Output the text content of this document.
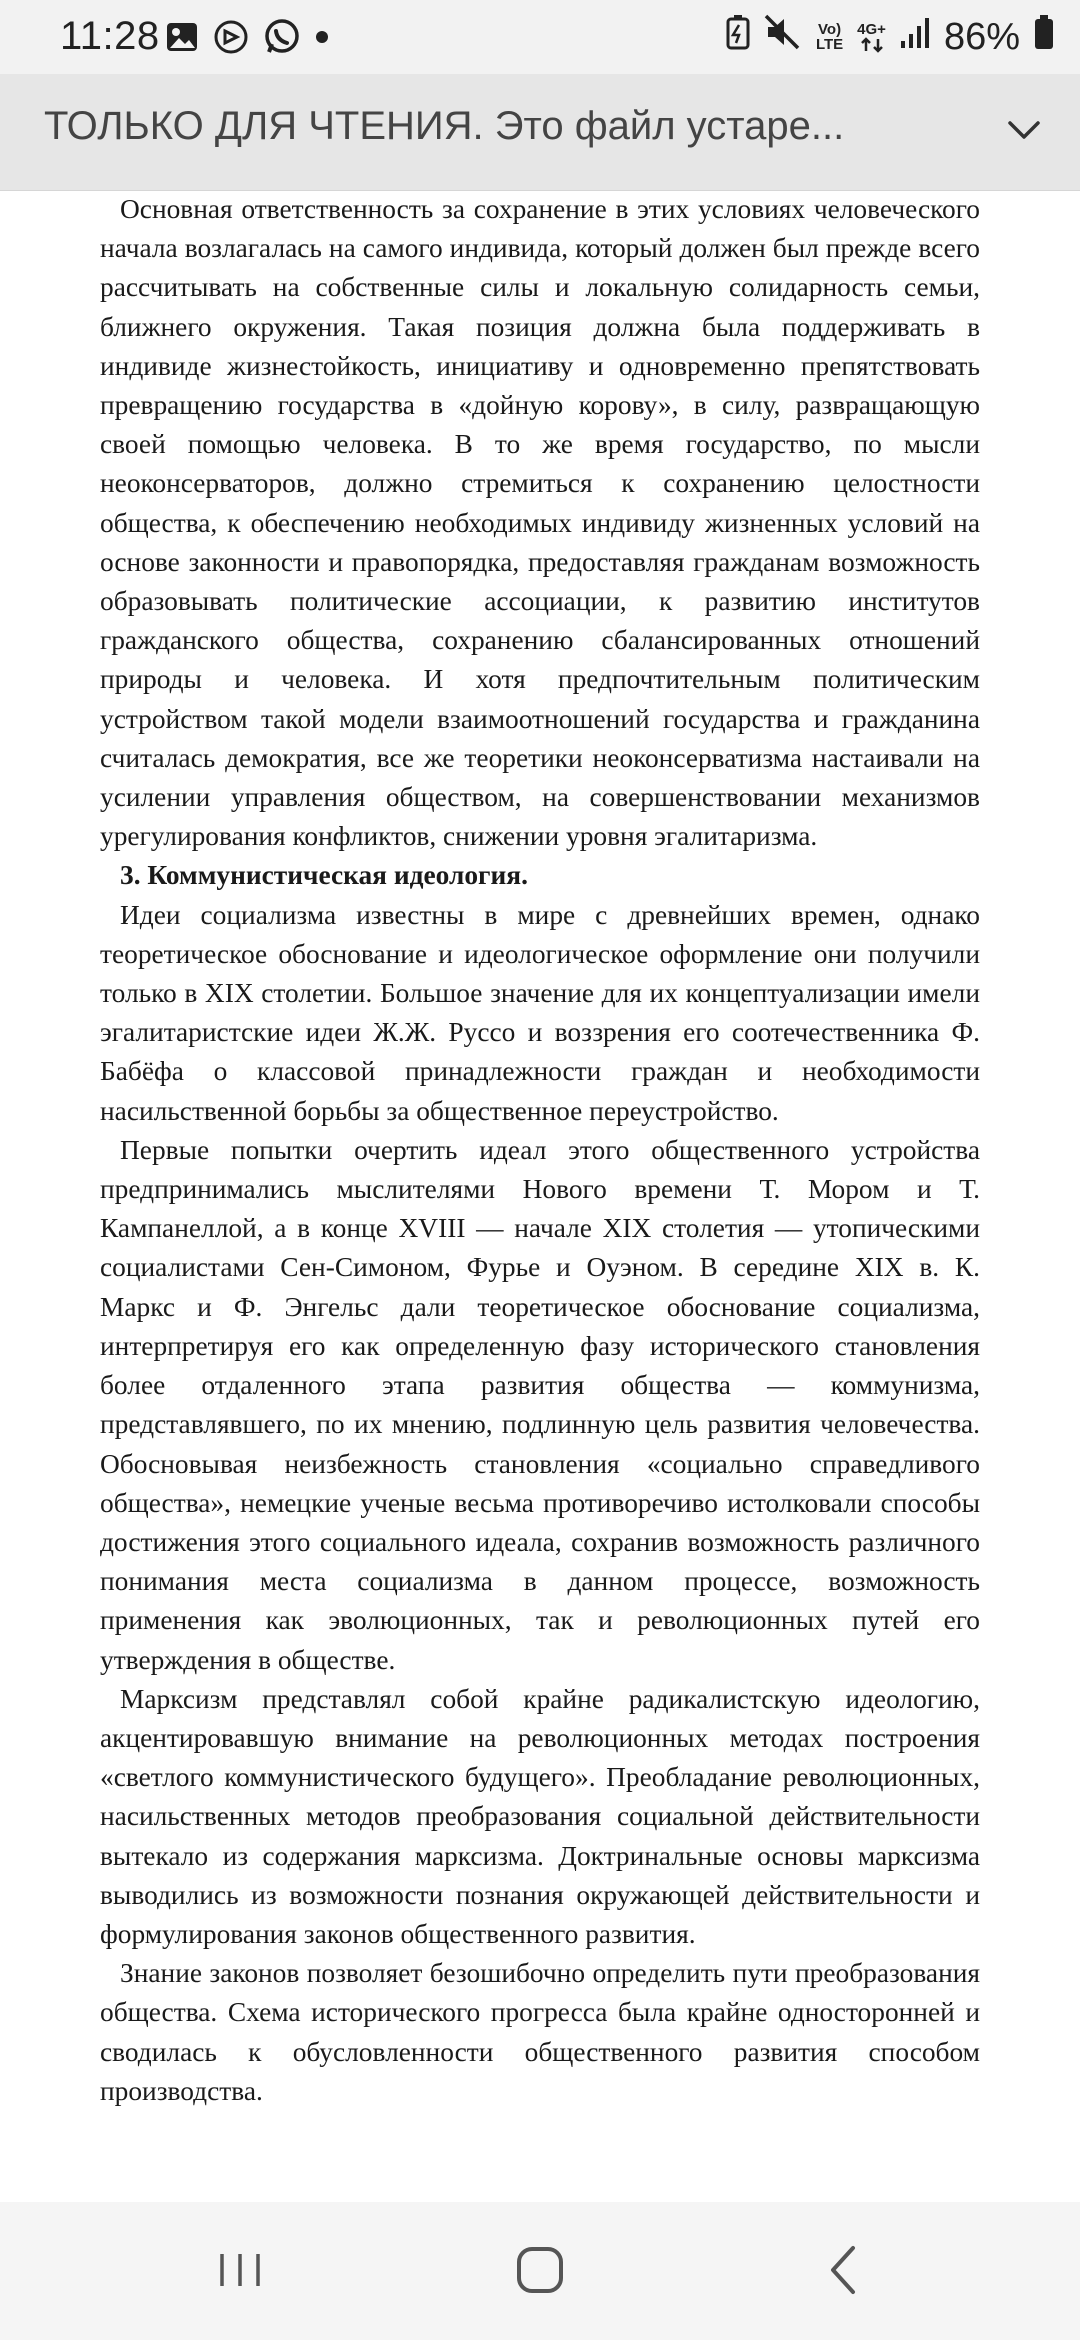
11:28	Vo)
LTE
4G+ 86%
ТОЛЬКО ДЛЯ ЧТЕНИЯ. Это файл устаре...

Основная ответственность за сохранение в этих условиях человеческого начала возлагалась на самого индивида, который должен был прежде всего рассчитывать на собственные силы и локальную солидарность семьи, ближнего окружения. Такая позиция должна была поддерживать в индивиде жизнестойкость, инициативу и одновременно препятствовать превращению государства в «дойную корову», в силу, развращающую своей помощью человека. В то же время государство, по мысли неоконсерваторов, должно стремиться к сохранению целостности общества, к обеспечению необходимых индивиду жизненных условий на основе законности и правопорядка, предоставляя гражданам возможность образовывать политические ассоциации, к развитию институтов гражданского общества, сохранению сбалансированных отношений природы и человека. И хотя предпочтительным политическим устройством такой модели взаимоотношений государства и гражданина считалась демократия, все же теоретики неоконсерватизма настаивали на усилении управления обществом, на совершенствовании механизмов урегулирования конфликтов, снижении уровня эгалитаризма.

3. Коммунистическая идеология.

Идеи социализма известны в мире с древнейших времен, однако теоретическое обоснование и идеологическое оформление они получили только в XIX столетии. Большое значение для их концептуализации имели эгалитаристские идеи Ж.Ж. Руссо и воззрения его соотечественника Ф. Бабёфа о классовой принадлежности граждан и необходимости насильственной борьбы за общественное переустройство.

Первые попытки очертить идеал этого общественного устройства предпринимались мыслителями Нового времени Т. Мором и Т. Кампанеллой, а в конце XVIII — начале XIX столетия — утопическими социалистами Сен-Симоном, Фурье и Оуэном. В середине XIX в. К. Маркс и Ф. Энгельс дали теоретическое обоснование социализма, интерпретируя его как определенную фазу исторического становления более отдаленного этапа развития общества — коммунизма, представлявшего, по их мнению, подлинную цель развития человечества. Обосновывая неизбежность становления «социально справедливого общества», немецкие ученые весьма противоречиво истолковали способы достижения этого социального идеала, сохранив возможность различного понимания места социализма в данном процессе, возможность применения как эволюционных, так и революционных путей его утверждения в обществе.

Марксизм представлял собой крайне радикалистскую идеологию, акцентировавшую внимание на революционных методах построения «светлого коммунистического будущего». Преобладание революционных, насильственных методов преобразования социальной действительности вытекало из содержания марксизма. Доктринальные основы марксизма выводились из возможности познания окружающей действительности и формулирования законов общественного развития.

Знание законов позволяет безошибочно определить пути преобразования общества. Схема исторического прогресса была крайне односторонней и сводилась к обусловленности общественного развития способом производства.
